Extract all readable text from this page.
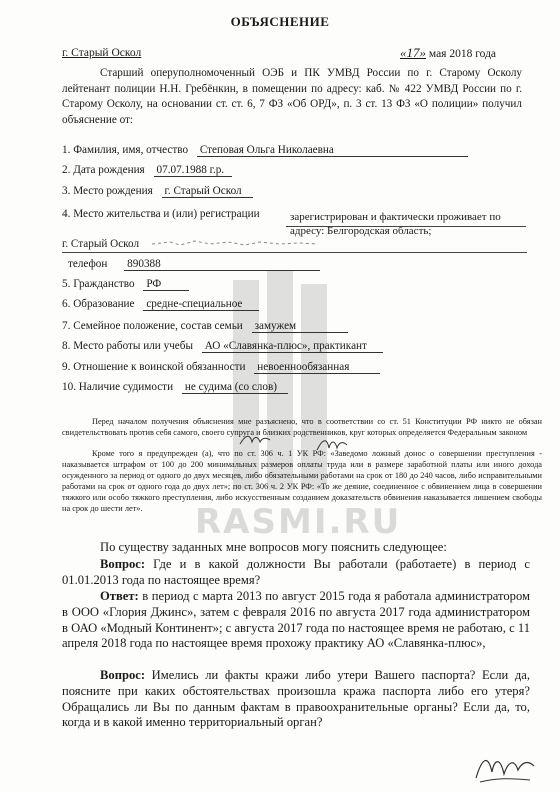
RASMI.RU
ОБЪЯСНЕНИЕ
г. Старый Оскол	«17» мая 2018 года
Старший оперуполномоченный ОЭБ и ПК УМВД России по г. Старому Осколу лейтенант полиции Н.Н. Гребёнкин, в помещении по адресу: каб. № 422 УМВД России по г. Старому Осколу, на основании ст. ст. 6, 7 ФЗ «Об ОРД», п. 3 ст. 13 ФЗ «О полиции» получил объяснение от:
1. Фамилия, имя, отчество Степовая Ольга Николаевна
2. Дата рождения 07.07.1988 г.р.
3. Место рождения г. Старый Оскол
4. Место жительства и (или) регистрации	зарегистрирован и фактически проживает по адресу: Белгородская область;
г. Старый Оскол
телефон 890388
5. Гражданство РФ
6. Образование средне-специальное
7. Семейное положение, состав семьи замужем
8. Место работы или учебы АО «Славянка-плюс», практикант
9. Отношение к воинской обязанности невоеннообязанная
10. Наличие судимости не судима (со слов)
Перед началом получения объяснения мне разъяснено, что в соответствии со ст. 51 Конституции РФ никто не обязан свидетельствовать против себя самого, своего супруга и близких родственников, круг которых определяется Федеральным законом
Кроме того я предупрежден (а), что по ст. 306 ч. 1 УК РФ: «Заведомо ложный донос о совершении преступления - наказывается штрафом от 100 до 200 минимальных размеров оплаты труда или в размере заработной платы или иного дохода осужденного за период от одного до двух месяцев, либо обязательными работами на срок от 180 до 240 часов, либо исправительными работами на срок от одного года до двух лет»; по ст. 306 ч. 2 УК РФ: «То же деяние, соединенное с обвинением лица в совершении тяжкого или особо тяжкого преступления, либо искусственным созданием доказательств обвинения наказывается лишением свободы на срок до шести лет».
По существу заданных мне вопросов могу пояснить следующее:
Вопрос: Где и в какой должности Вы работали (работаете) в период с 01.01.2013 года по настоящее время?
Ответ: в период с марта 2013 по август 2015 года я работала администратором в ООО «Глория Джинс», затем с февраля 2016 по августа 2017 года администратором в ОАО «Модный Континент»; с августа 2017 года по настоящее время не работаю, с 11 апреля 2018 года по настоящее время прохожу практику АО «Славянка-плюс»,
Вопрос: Имелись ли факты кражи либо утери Вашего паспорта? Если да, поясните при каких обстоятельствах произошла кража паспорта либо его утеря? Обращались ли Вы по данным фактам в правоохранительные органы? Если да, то, когда и в какой именно территориальный орган?
